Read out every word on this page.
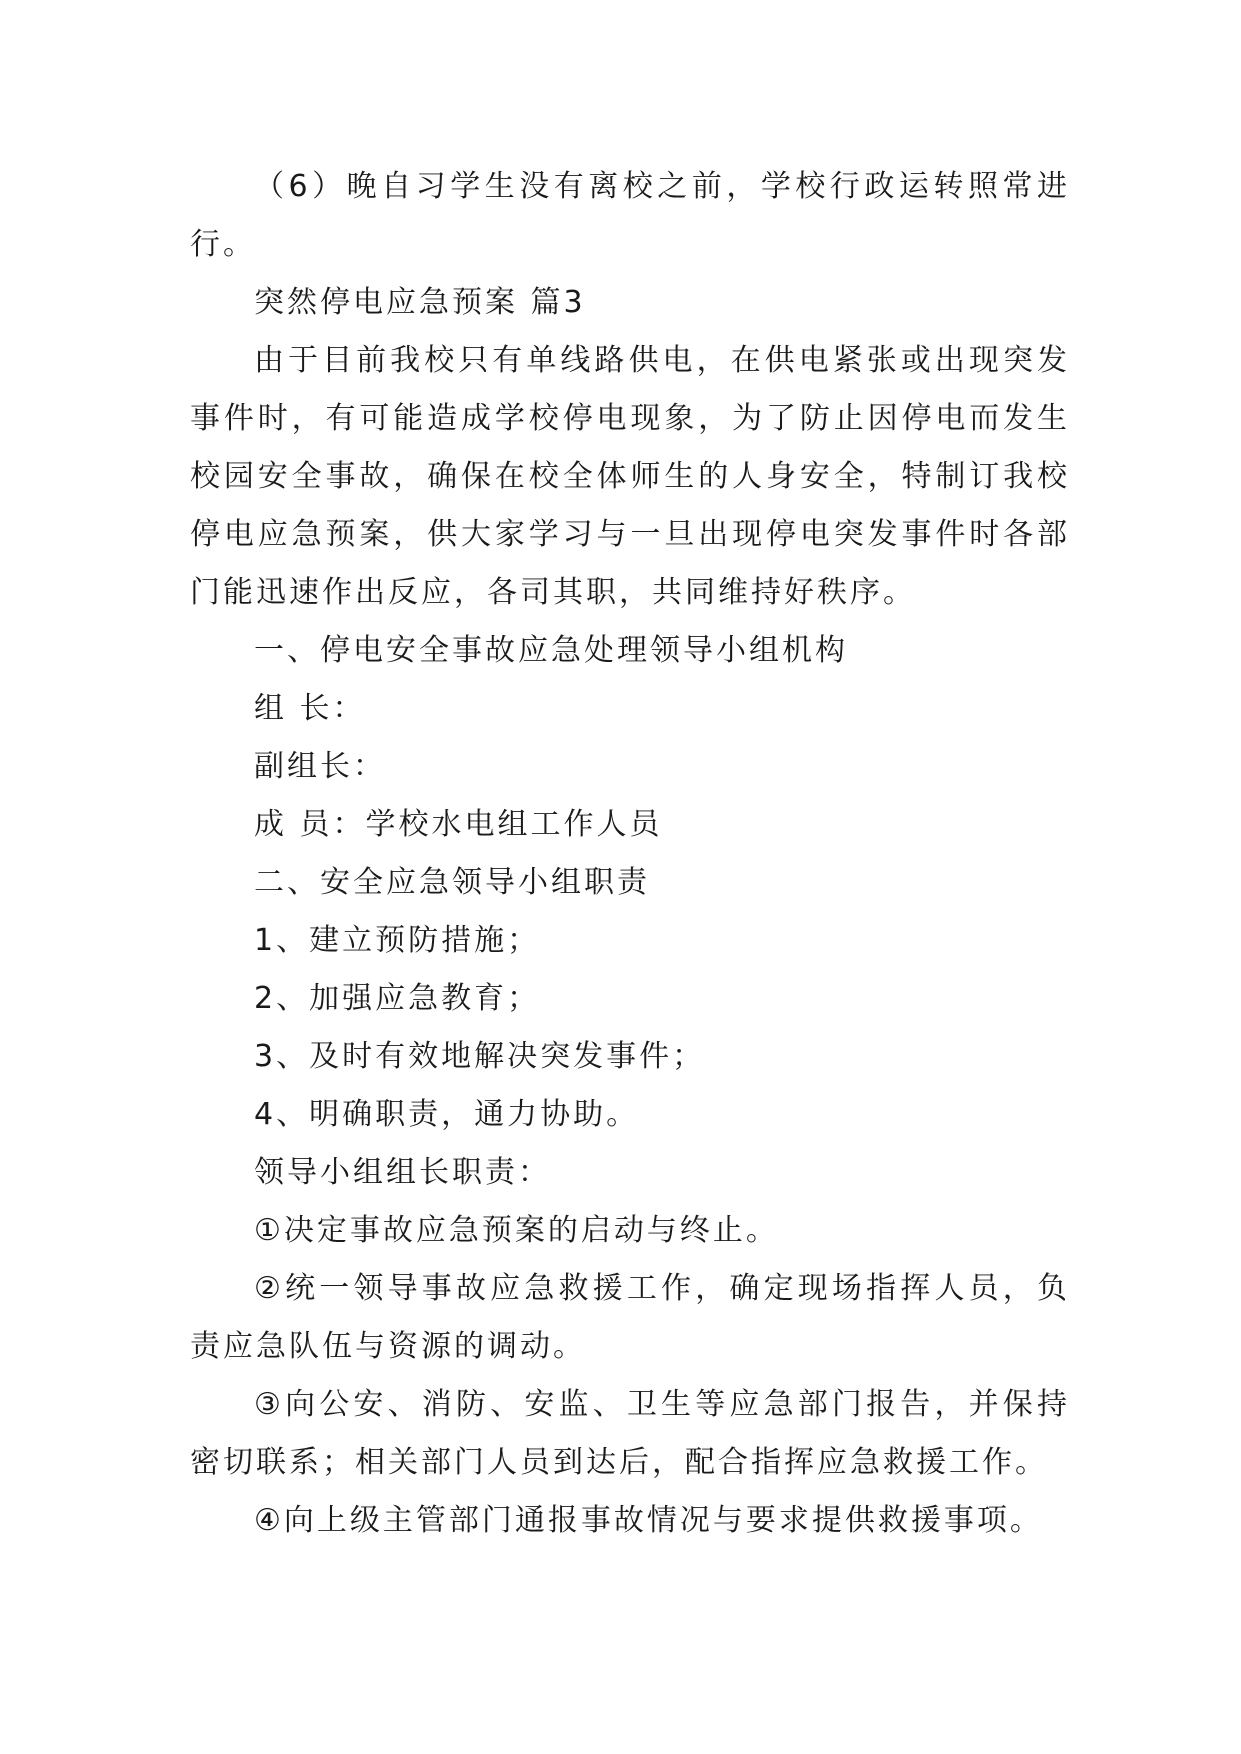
（6）晚自习学生没有离校之前，学校行政运转照常进行。

突然停电应急预案 篇3

由于目前我校只有单线路供电，在供电紧张或出现突发事件时，有可能造成学校停电现象，为了防止因停电而发生校园安全事故，确保在校全体师生的人身安全，特制订我校停电应急预案，供大家学习与一旦出现停电突发事件时各部门能迅速作出反应，各司其职，共同维持好秩序。

一、停电安全事故应急处理领导小组机构

组 长：

副组长：

成 员：学校水电组工作人员

二、安全应急领导小组职责

1、建立预防措施；

2、加强应急教育；

3、及时有效地解决突发事件；

4、明确职责，通力协助。

领导小组组长职责：

①决定事故应急预案的启动与终止。

②统一领导事故应急救援工作，确定现场指挥人员，负责应急队伍与资源的调动。

③向公安、消防、安监、卫生等应急部门报告，并保持密切联系；相关部门人员到达后，配合指挥应急救援工作。

④向上级主管部门通报事故情况与要求提供救援事项。
